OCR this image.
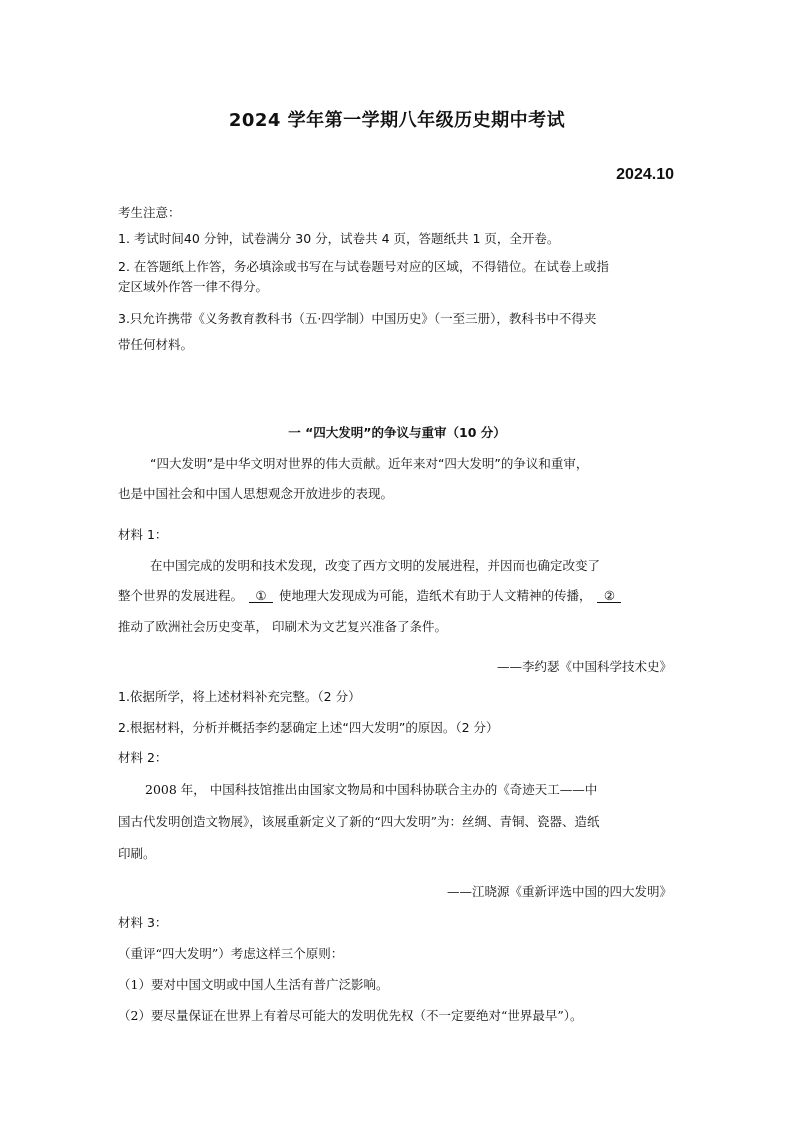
2024 学年第一学期八年级历史期中考试
2024.10
考生注意：
1. 考试时间40 分钟，试卷满分 30 分，试卷共 4 页，答题纸共 1 页，全开卷。
2. 在答题纸上作答，务必填涂或书写在与试卷题号对应的区域，不得错位。在试卷上或指
定区域外作答一律不得分。
3.只允许携带《义务教育教科书（五·四学制）中国历史》（一至三册），教科书中不得夹
带任何材料。
一 “四大发明”的争议与重审（10 分）
“四大发明”是中华文明对世界的伟大贡献。近年来对“四大发明”的争议和重审，
也是中国社会和中国人思想观念开放进步的表现。
材料 1：
在中国完成的发明和技术发现，改变了西方文明的发展进程，并因而也确定改变了
整个世界的发展进程。 ① 使地理大发现成为可能，造纸术有助于人文精神的传播， ②
推动了欧洲社会历史变革， 印刷术为文艺复兴准备了条件。
——李约瑟《中国科学技术史》
1.依据所学，将上述材料补充完整。（2 分）
2.根据材料，分析并概括李约瑟确定上述“四大发明”的原因。（2 分）
材料 2：
2008 年， 中国科技馆推出由国家文物局和中国科协联合主办的《奇迹天工——中
国古代发明创造文物展》，该展重新定义了新的“四大发明”为：丝绸、青铜、瓷器、造纸
印刷。
——江晓源《重新评选中国的四大发明》
材料 3：
（重评“四大发明”）考虑这样三个原则：
（1）要对中国文明或中国人生活有普广泛影响。
（2）要尽量保证在世界上有着尽可能大的发明优先权（不一定要绝对“世界最早”）。
